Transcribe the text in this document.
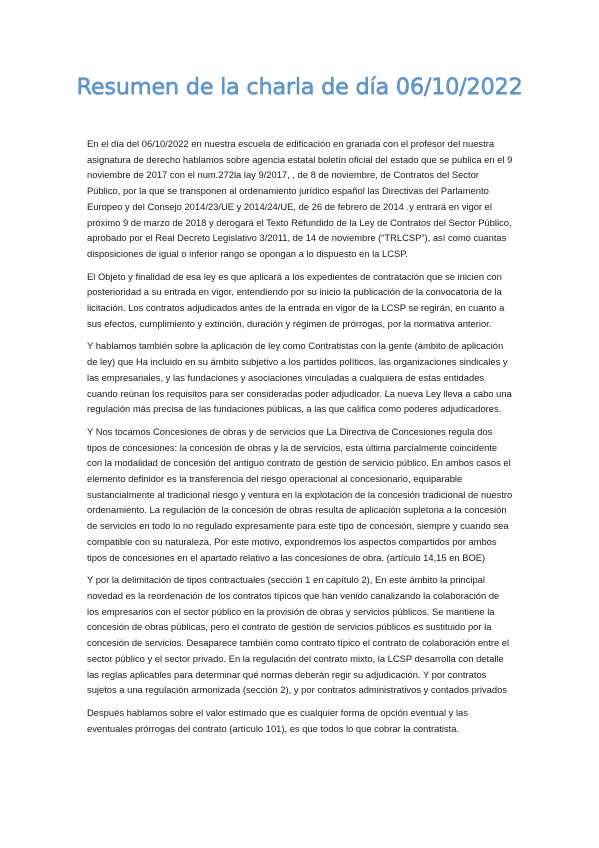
Resumen de la charla de día 06/10/2022

En el día del 06/10/2022 en nuestra escuela de edificación en granada con el profesor del nuestra asignatura de derecho hablamos sobre agencia estatal boletín oficial del estado que se publica en el 9 noviembre de 2017 con el num.272la lay 9/2017, , de 8 de noviembre, de Contratos del Sector Público, por la que se transponen al ordenamiento jurídico español las Directivas del Parlamento Europeo y del Consejo 2014/23/UE y 2014/24/UE, de 26 de febrero de 2014 .y entrará en vigor el próximo 9 de marzo de 2018 y derogará el Texto Refundido de la Ley de Contratos del Sector Público, aprobado por el Real Decreto Legislativo 3/2011, de 14 de noviembre (“TRLCSP”), así como cuantas disposiciones de igual o inferior rango se opongan a lo dispuesto en la LCSP.

El Objeto y finalidad de esa ley es que aplicará a los expedientes de contratación que se inicien con posterioridad a su entrada en vigor, entendiendo por su inicio la publicación de la convocatoria de la licitación. Los contratos adjudicados antes de la entrada en vigor de la LCSP se regirán, en cuanto a sus efectos, cumplimiento y extinción, duración y régimen de prórrogas, por la normativa anterior.

Y hablamos también sobre la aplicación de ley como Contratistas con la gente (ámbito de aplicación de ley) que Ha incluido en su ámbito subjetivo a los partidos políticos, las organizaciones sindicales y las empresariales, y las fundaciones y asociaciones vinculadas a cualquiera de estas entidades cuando reúnan los requisitos para ser consideradas poder adjudicador. La nueva Ley lleva a cabo una regulación más precisa de las fundaciones públicas, a las que califica como poderes adjudicadores.

Y Nos tocamos Concesiones de obras y de servicios que La Directiva de Concesiones regula dos tipos de concesiones: la concesión de obras y la de servicios, esta última parcialmente coincidente con la modalidad de concesión del antiguo contrato de gestión de servicio público. En ambos casos el elemento definidor es la transferencia del riesgo operacional al concesionario, equiparable sustancialmente al tradicional riesgo y ventura en la explotación de la concesión tradicional de nuestro ordenamiento. La regulación de la concesión de obras resulta de aplicación supletoria a la concesión de servicios en todo lo no regulado expresamente para este tipo de concesión, siempre y cuando sea compatible con su naturaleza. Por este motivo, expondremos los aspectos compartidos por ambos tipos de concesiones en el apartado relativo a las concesiones de obra. (artículo 14,15 en BOE)

Y por la delimitación de tipos contractuales (sección 1 en capítulo 2), En este ámbito la principal novedad es la reordenación de los contratos típicos que han venido canalizando la colaboración de los empresarios con el sector público en la provisión de obras y servicios públicos. Se mantiene la concesión de obras públicas, pero el contrato de gestión de servicios públicos es sustituido por la concesión de servicios. Desaparece también como contrato típico el contrato de colaboración entre el sector público y el sector privado. En la regulación del contrato mixto, la LCSP desarrolla con detalle las reglas aplicables para determinar qué normas deberán regir su adjudicación. Y por contratos sujetos a una regulación armonizada (sección 2), y por contratos administrativos y contados privados

Después hablamos sobre el valor estimado que es cualquier forma de opción eventual y las eventuales prórrogas del contrato (artículo 101), es que todos lo que cobrar la contratista.
